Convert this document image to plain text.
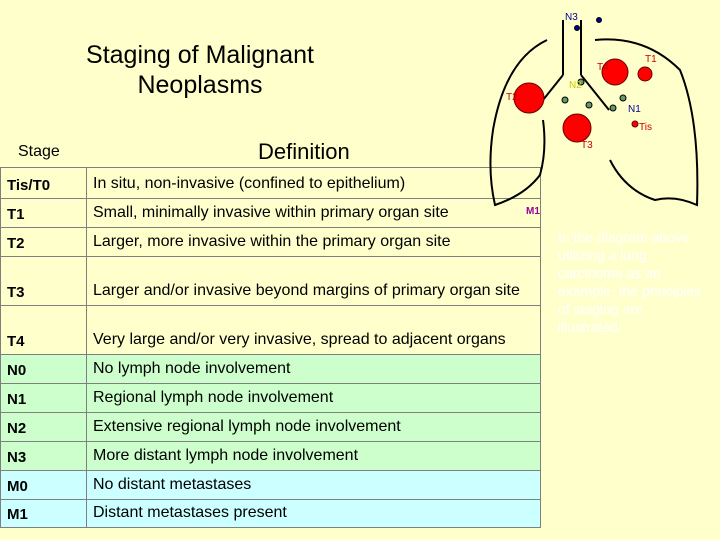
Staging of Malignant
Neoplasms
Stage	Definition
Tis/T0	In situ, non-invasive (confined to epithelium)
T1	Small, minimally invasive within primary organ site
T2	Larger, more invasive within the primary organ site
T3	Larger and/or invasive beyond margins of primary organ site
T4	Very large and/or very invasive, spread to adjacent organs
N0	No lymph node involvement
N1	Regional lymph node involvement
N2	Extensive regional lymph node involvement
N3	More distant lymph node involvement
M0	No distant metastases
M1	Distant metastases present
N3
T4
T1
N2
T2
N1
Tis
T3
M1
In the diagram above utilizing a lung carcinoma as an example, the principles of staging are illustrated:
